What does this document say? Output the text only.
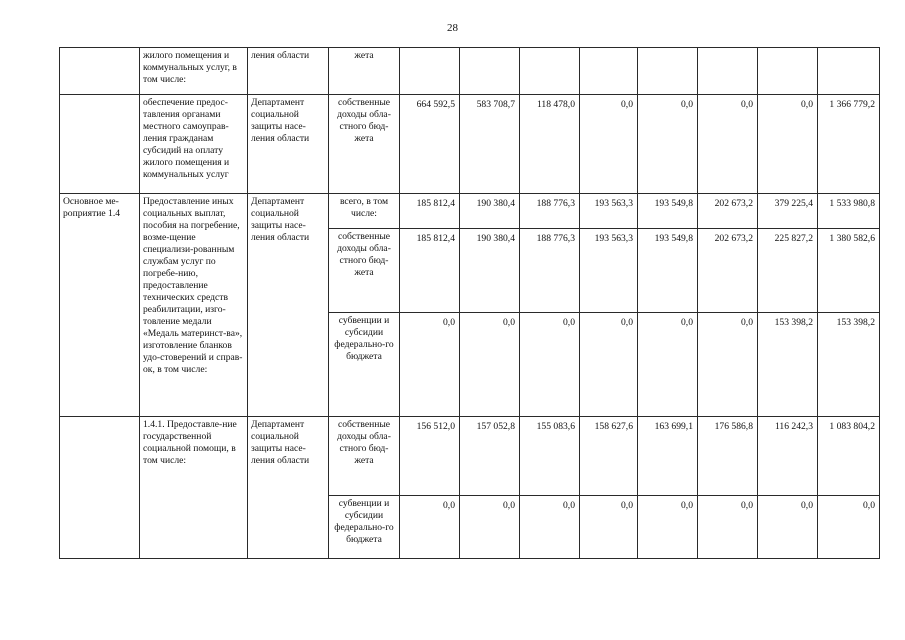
28
	жилого помещения и коммунальных услуг, в том числе:	ления области	жета								
	обеспечение предос-тавления органами местного самоуправ-ления гражданам субсидий на оплату жилого помещения и коммунальных услуг	Департамент социальной защиты насе-ления области	собственные доходы обла-стного бюд-жета	664 592,5	583 708,7	118 478,0	0,0	0,0	0,0	0,0	1 366 779,2
Основное ме-роприятие 1.4	Предоставление иных социальных выплат, пособия на погребение, возме-щение специализи-рованным службам услуг по погребе-нию, предоставление технических средств реабилитации, изго-товление медали «Медаль материнст-ва», изготовление бланков удо-стоверений и справ-ок, в том числе:	Департамент социальной защиты насе-ления области	всего, в том числе:	185 812,4	190 380,4	188 776,3	193 563,3	193 549,8	202 673,2	379 225,4	1 533 980,8
			собственные доходы обла-стного бюд-жета	185 812,4	190 380,4	188 776,3	193 563,3	193 549,8	202 673,2	225 827,2	1 380 582,6
			субвенции и субсидии федерально-го бюджета	0,0	0,0	0,0	0,0	0,0	0,0	153 398,2	153 398,2
	1.4.1. Предоставле-ние государственной социальной помощи, в том числе:	Департамент социальной защиты насе-ления области	собственные доходы обла-стного бюд-жета	156 512,0	157 052,8	155 083,6	158 627,6	163 699,1	176 586,8	116 242,3	1 083 804,2
			субвенции и субсидии федерально-го бюджета	0,0	0,0	0,0	0,0	0,0	0,0	0,0	0,0
